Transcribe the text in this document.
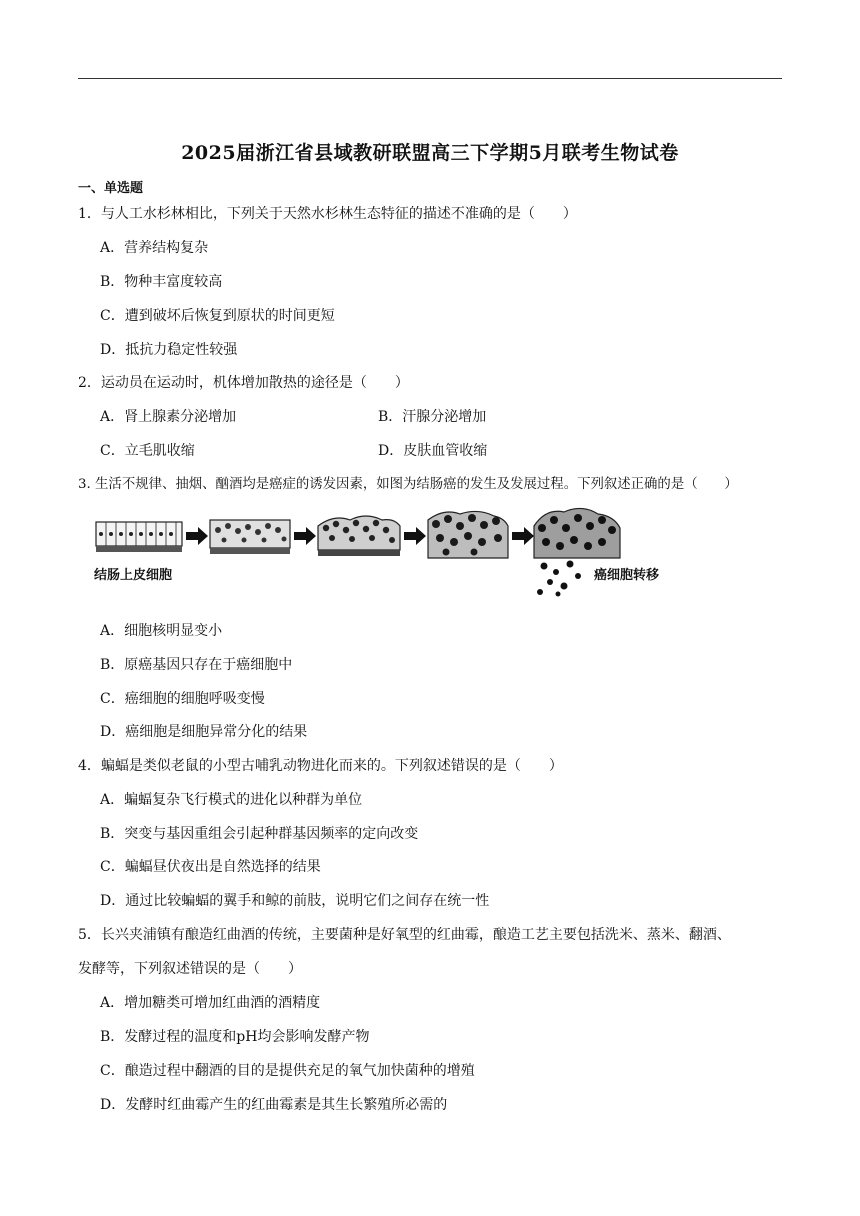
2025届浙江省县域教研联盟高三下学期5月联考生物试卷
一、单选题
1．与人工水杉林相比，下列关于天然水杉林生态特征的描述不准确的是（　　）
A．营养结构复杂
B．物种丰富度较高
C．遭到破坏后恢复到原状的时间更短
D．抵抗力稳定性较强
2．运动员在运动时，机体增加散热的途径是（　　）
A．肾上腺素分泌增加	B．汗腺分泌增加
C．立毛肌收缩	D．皮肤血管收缩
3. 生活不规律、抽烟、酗酒均是癌症的诱发因素，如图为结肠癌的发生及发展过程。下列叙述正确的是（　　）
结肠上皮细胞	癌细胞转移
A．细胞核明显变小
B．原癌基因只存在于癌细胞中
C．癌细胞的细胞呼吸变慢
D．癌细胞是细胞异常分化的结果
4．蝙蝠是类似老鼠的小型古哺乳动物进化而来的。下列叙述错误的是（　　）
A．蝙蝠复杂飞行模式的进化以种群为单位
B．突变与基因重组会引起种群基因频率的定向改变
C．蝙蝠昼伏夜出是自然选择的结果
D．通过比较蝙蝠的翼手和鲸的前肢，说明它们之间存在统一性
5．长兴夹浦镇有酿造红曲酒的传统，主要菌种是好氧型的红曲霉，酿造工艺主要包括洗米、蒸米、翻酒、
发酵等，下列叙述错误的是（　　）
A．增加糖类可增加红曲酒的酒精度
B．发酵过程的温度和pH均会影响发酵产物
C．酿造过程中翻酒的目的是提供充足的氧气加快菌种的增殖
D．发酵时红曲霉产生的红曲霉素是其生长繁殖所必需的
